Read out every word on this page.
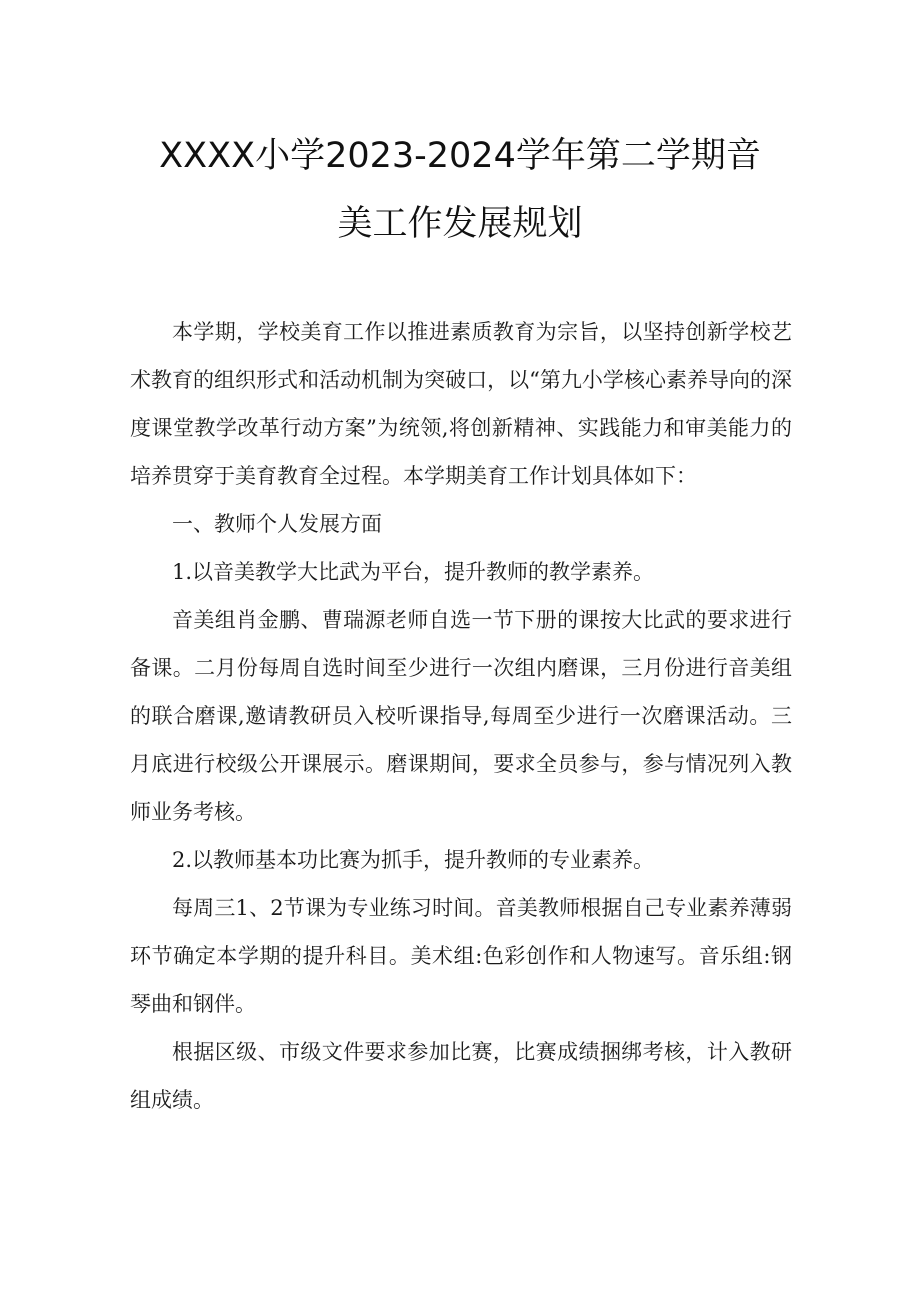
XXXX小学2023-2024学年第二学期音
美工作发展规划

本学期，学校美育工作以推进素质教育为宗旨，以坚持创新学校艺术教育的组织形式和活动机制为突破口，以“第九小学核心素养导向的深度课堂教学改革行动方案”为统领,将创新精神、实践能力和审美能力的培养贯穿于美育教育全过程。本学期美育工作计划具体如下：

一、教师个人发展方面

1.以音美教学大比武为平台，提升教师的教学素养。

音美组肖金鹏、曹瑞源老师自选一节下册的课按大比武的要求进行备课。二月份每周自选时间至少进行一次组内磨课，三月份进行音美组的联合磨课,邀请教研员入校听课指导,每周至少进行一次磨课活动。三月底进行校级公开课展示。磨课期间，要求全员参与，参与情况列入教师业务考核。

2.以教师基本功比赛为抓手，提升教师的专业素养。

每周三1、2节课为专业练习时间。音美教师根据自己专业素养薄弱环节确定本学期的提升科目。美术组:色彩创作和人物速写。音乐组:钢琴曲和钢伴。

根据区级、市级文件要求参加比赛，比赛成绩捆绑考核，计入教研组成绩。
